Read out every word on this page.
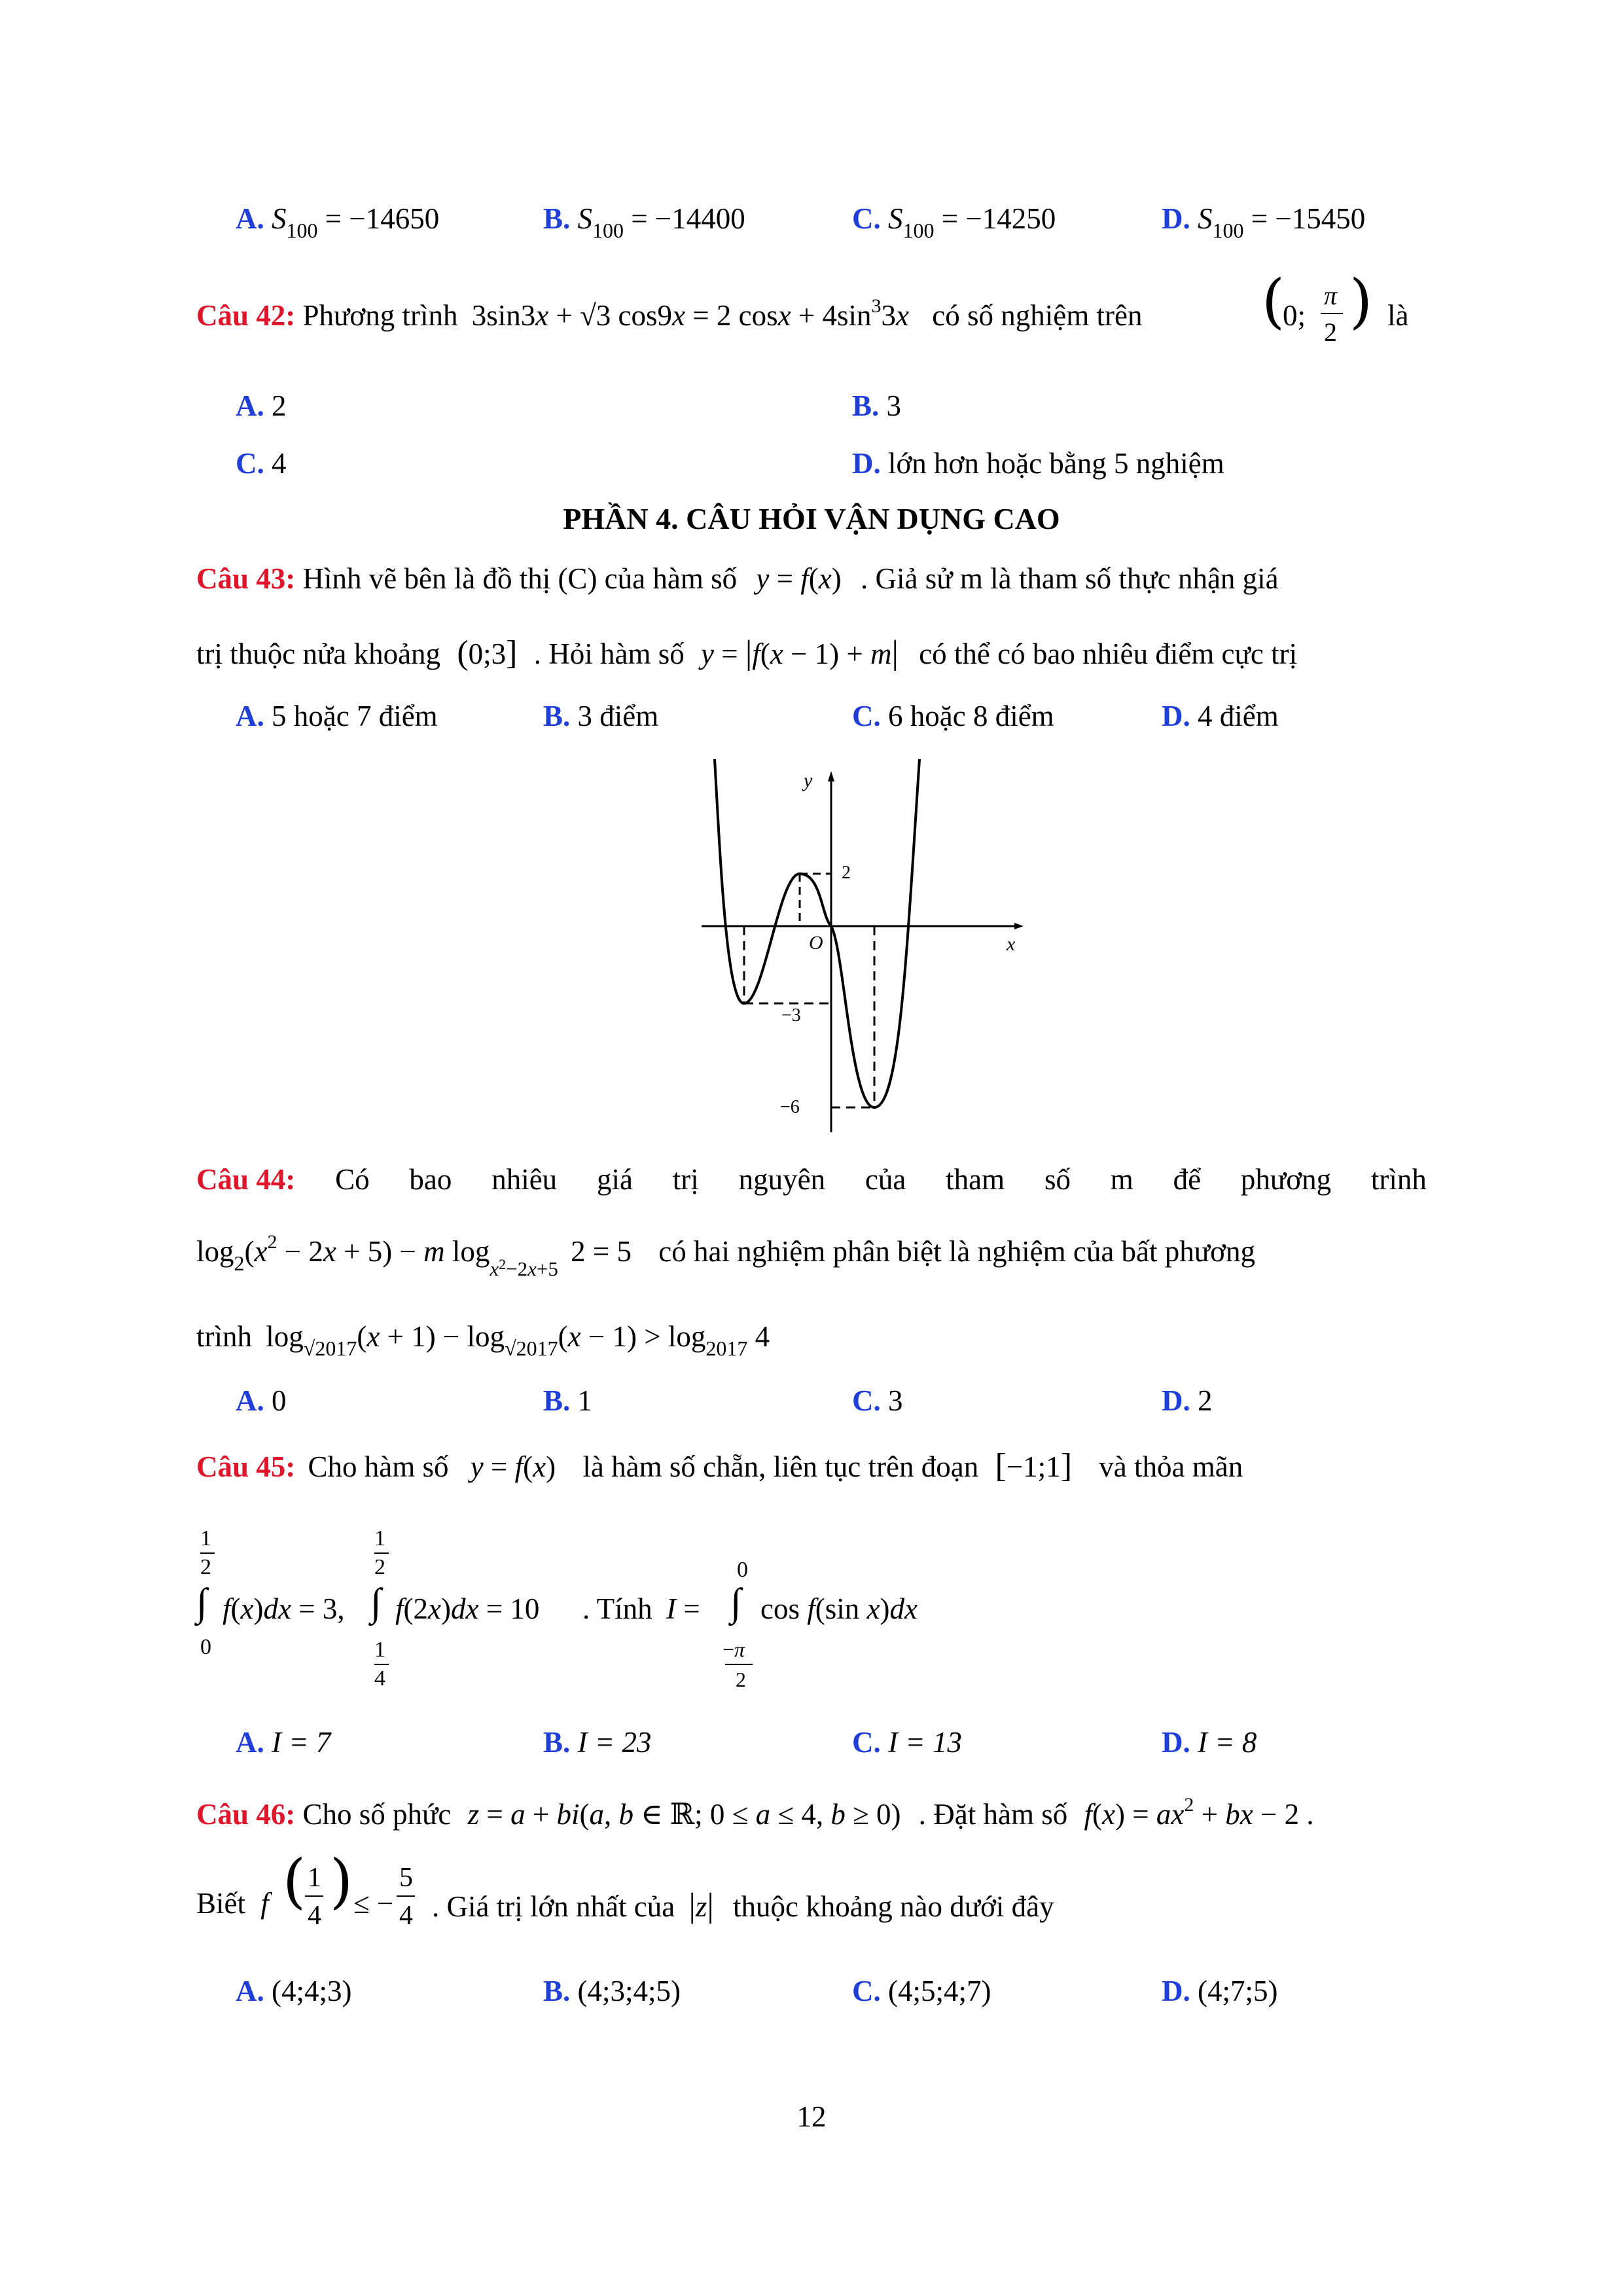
A. $S_{100} = -14650$	B. $S_{100} = -14400$	C. $S_{100} = -14250$	D. $S_{100} = -15450$
Câu 42: Phương trình 3sin3x + √3 cos9x = 2 $\cos x + 4\sin^33x$ có số nghiệm trên (
0;
π
2 ) là
A. 2	B. 3
C. 4	D. lớn hơn hoặc bằng 5 nghiệm
PHẦN 4. CÂU HỎI VẬN DỤNG CAO
Câu 43: Hình vẽ bên là đồ thị (C) của hàm số y = f(x) . Giả sử m là tham số thực nhận giá
trị thuộc nửa khoảng (0;3] . Hỏi hàm số y = |f(x − 1) + m| có thể có bao nhiêu điểm cực trị
A. 5 hoặc 7 điểm	B. 3 điểm	C. 6 hoặc 8 điểm	D. 4 điểm
y
x
O
2
−3
−6
Câu 44: Có bao nhiêu giá trị nguyên của tham số m để phương trình
$\log_2(x^2 - 2x + 5) - m$ $\log_{x^2-2x+5} 2 = 5$ có hai nghiệm phân biệt là nghiệm của bất phương
trình $\log_{√2017}(x + 1) - \log_{√2017}(x - 1) > \log_{2017} 4$
A. 0	B. 1	C. 3	D. 2
Câu 45: Cho hàm số y = f(x) là hàm số chẵn, liên tục trên đoạn [−1;1] và thỏa mãn
1
2
∫
0
f(x)dx = 3,
1
2
∫
1
4
f(2x)dx = 10 . Tính I =
0
∫
−π
2
cos f(sin x)dx
A. I = 7	B. I = 23	C. I = 13	D. I = 8
Câu 46: Cho số phức z = a + bi(a, b ∈ ℝ; 0 ≤ a ≤ 4, b ≥ 0) . Đặt hàm số $f(x) = ax^2$ + bx − 2 .
Biết f ( 1
4 ) ≤ −
5
4 . Giá trị lớn nhất của |z| thuộc khoảng nào dưới đây
A. (4;4;3)	B. (4;3;4;5)	C. (4;5;4;7)	D. (4;7;5)
12
